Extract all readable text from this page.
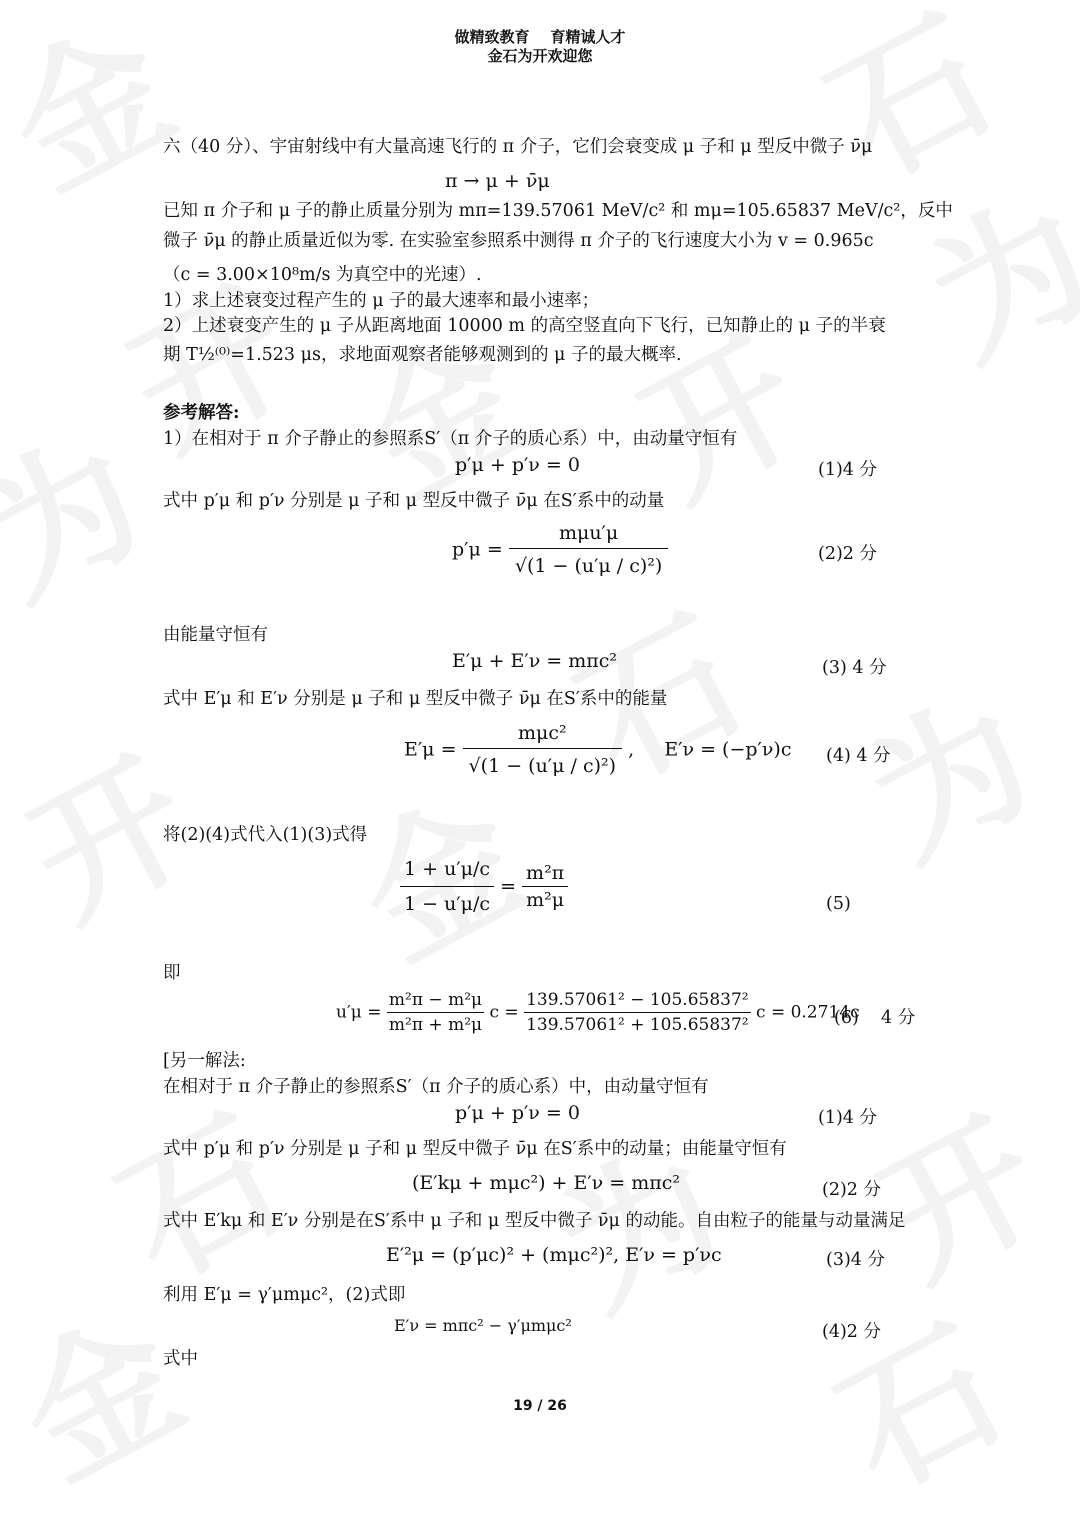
做精致教育    育精诚人才
金石为开欢迎您
六（40 分）、宇宙射线中有大量高速飞行的 π 介子，它们会衰变成 μ 子和 μ 型反中微子 ν̄μ
π → μ + ν̄μ
已知 π 介子和 μ 子的静止质量分别为 mπ=139.57061 MeV/c² 和 mμ=105.65837 MeV/c²，反中
微子 ν̄μ 的静止质量近似为零. 在实验室参照系中测得 π 介子的飞行速度大小为 v = 0.965c
（c = 3.00×10⁸m/s 为真空中的光速）.
1）求上述衰变过程产生的 μ 子的最大速率和最小速率；
2）上述衰变产生的 μ 子从距离地面 10000 m 的高空竖直向下飞行，已知静止的 μ 子的半衰
期 T½⁽⁰⁾=1.523 μs，求地面观察者能够观测到的 μ 子的最大概率.
参考解答:
1）在相对于 π 介子静止的参照系S′（π 介子的质心系）中，由动量守恒有
p′μ + p′ν = 0	(1)4 分
式中 p′μ 和 p′ν 分别是 μ 子和 μ 型反中微子 ν̄μ 在S′系中的动量
$p'\mu = \frac{\text{mμu′μ}}{\text{√(1 − (u′μ / c)²)}}$	(2)2 分
由能量守恒有
E′μ + E′ν = mπc²	(3) 4 分
式中 E′μ 和 E′ν 分别是 μ 子和 μ 型反中微子 ν̄μ 在S′系中的能量
$E'\mu = \frac{\text{mμc²}}{\text{√(1 − (u′μ / c)²)}}$ ,     E′ν = (−p′ν)c (4) 4 分
将(2)(4)式代入(1)(3)式得
$\frac{1 + u'\mu/c}{1 - u'\mu/c} = \frac{\text{m²π}}{\text{m²μ}}$	(5)
即
$u'\mu = \frac{\text{m²π − m²μ}}{\text{m²π + m²μ}}$ $c = \frac{\text{139.57061² − 105.65837²}}{\text{139.57061² + 105.65837²}}$ c = 0.2714c
(6)    4 分
[另一解法:
在相对于 π 介子静止的参照系S′（π 介子的质心系）中，由动量守恒有
p′μ + p′ν = 0	(1)4 分
式中 p′μ 和 p′ν 分别是 μ 子和 μ 型反中微子 ν̄μ 在S′系中的动量；由能量守恒有
(E′kμ + mμc²) + E′ν = mπc²	(2)2 分
式中 E′kμ 和 E′ν 分别是在S′系中 μ 子和 μ 型反中微子 ν̄μ 的动能。自由粒子的能量与动量满足
E′²μ = (p′μc)² + (mμc²)², E′ν = p′νc	(3)4 分
利用 E′μ = γ′μmμc²，(2)式即
E′ν = mπc² − γ′μmμc²	(4)2 分
式中
19 / 26
